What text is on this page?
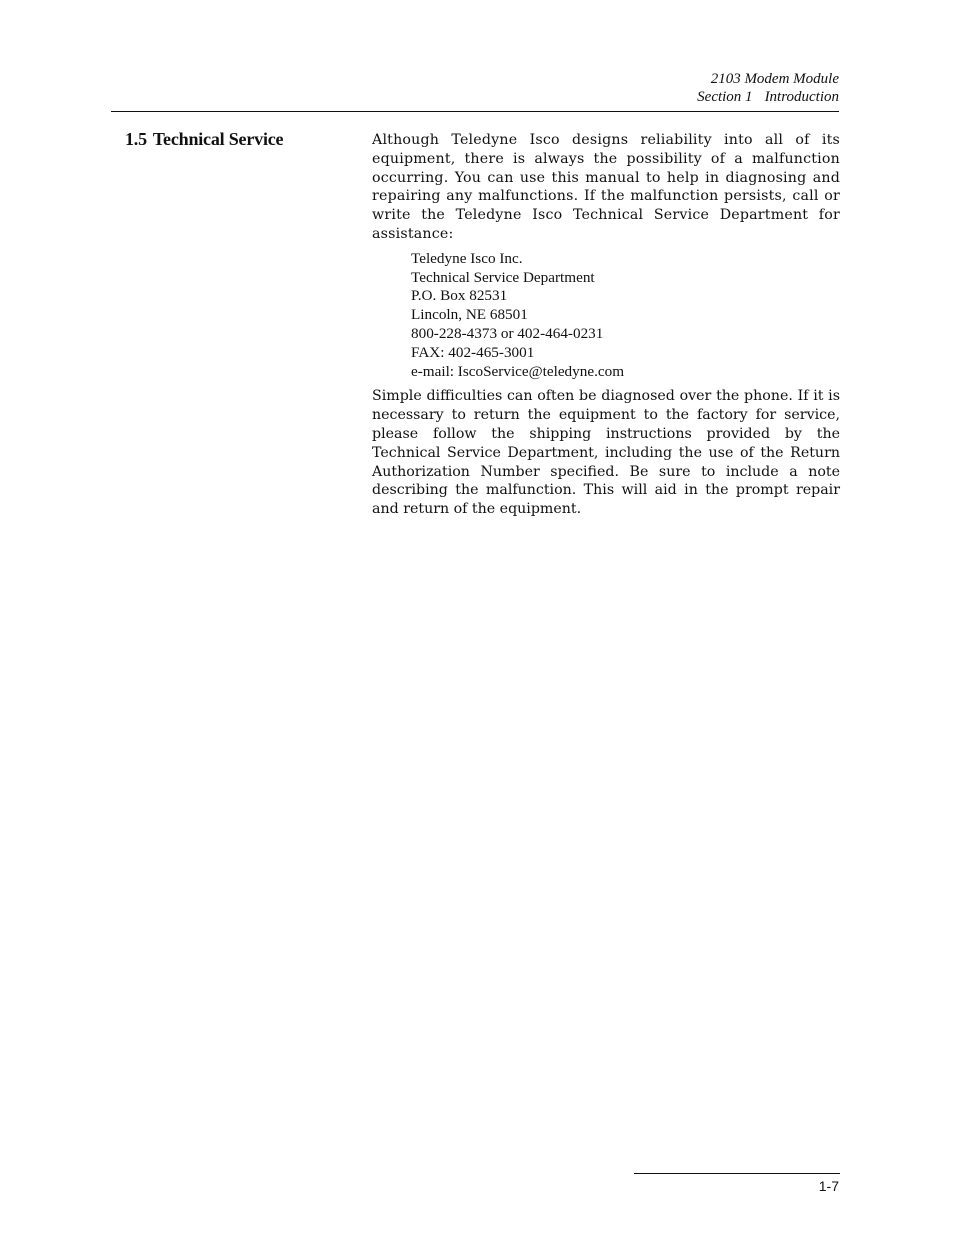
2103 Modem Module
Section 1 Introduction
1.5 Technical Service	Although Teledyne Isco designs reliability into all of its equipment, there is always the possibility of a malfunction occurring. You can use this manual to help in diagnosing and repairing any malfunctions. If the malfunction persists, call or write the Teledyne Isco Technical Service Department for assistance:

Teledyne Isco Inc.
Technical Service Department
P.O. Box 82531
Lincoln, NE 68501
800-228-4373 or 402-464-0231
FAX: 402-465-3001
e-mail: IscoService@teledyne.com

Simple difficulties can often be diagnosed over the phone. If it is necessary to return the equipment to the factory for service, please follow the shipping instructions provided by the Technical Service Department, including the use of the Return Authorization Number specified. Be sure to include a note describing the malfunction. This will aid in the prompt repair and return of the equipment.

1-7
